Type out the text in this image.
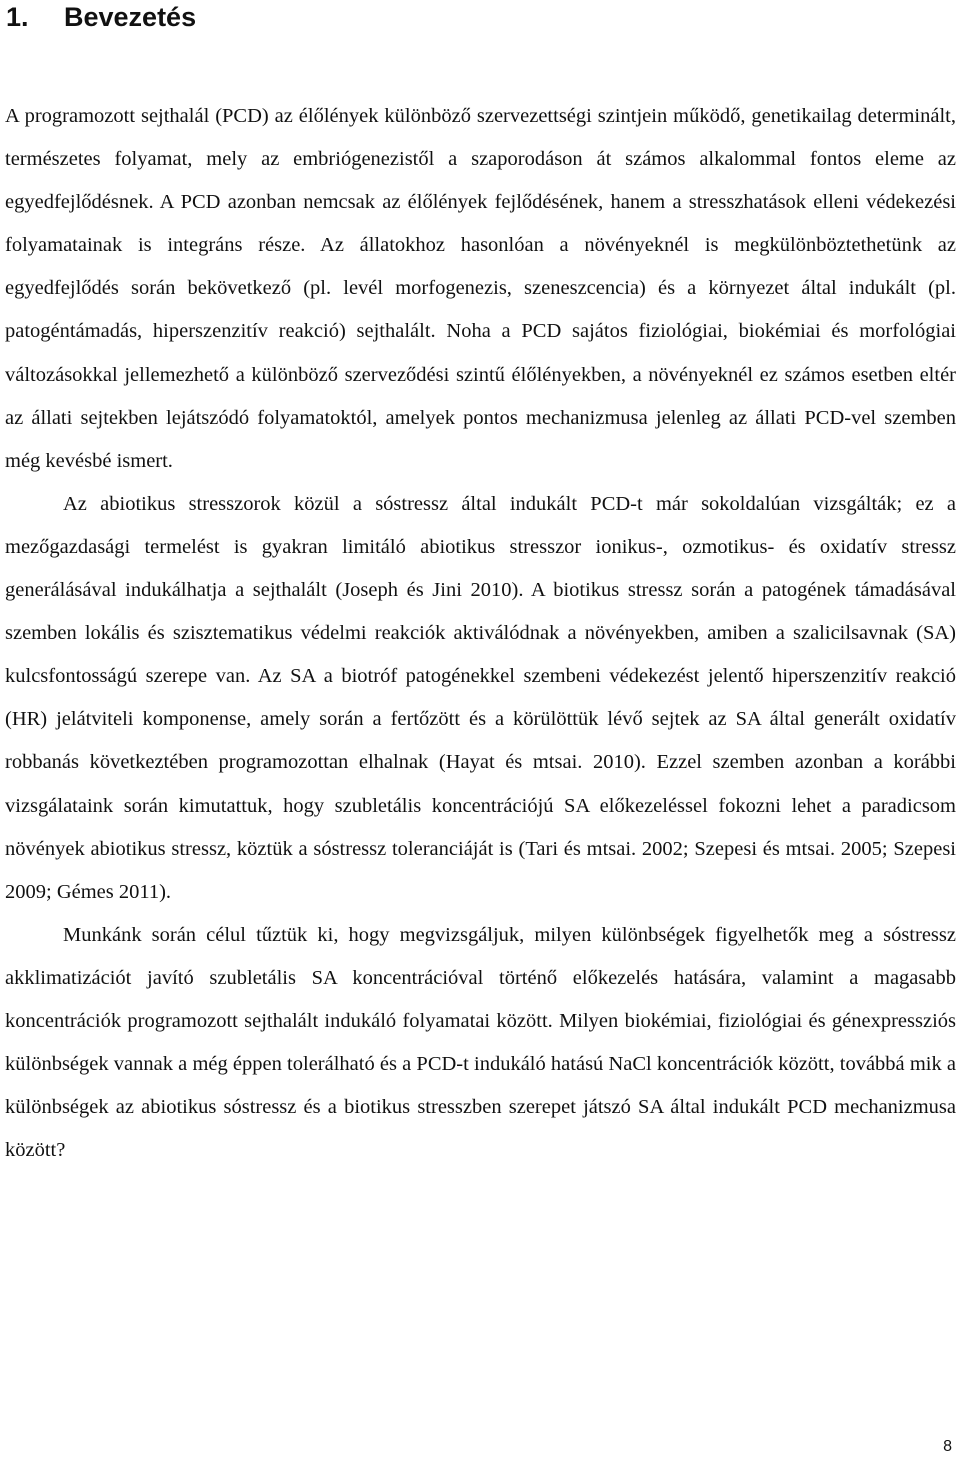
1. Bevezetés

A programozott sejthalál (PCD) az élőlények különböző szervezettségi szintjein működő, genetikailag determinált, természetes folyamat, mely az embriógenezistől a szaporodáson át számos alkalommal fontos eleme az egyedfejlődésnek. A PCD azonban nemcsak az élőlények fejlődésének, hanem a stresszhatások elleni védekezési folyamatainak is integráns része. Az állatokhoz hasonlóan a növényeknél is megkülönböztethetünk az egyedfejlődés során bekövetkező (pl. levél morfogenezis, szeneszcencia) és a környezet által indukált (pl. patogéntámadás, hiperszenzitív reakció) sejthalált. Noha a PCD sajátos fiziológiai, biokémiai és morfológiai változásokkal jellemezhető a különböző szerveződési szintű élőlényekben, a növényeknél ez számos esetben eltér az állati sejtekben lejátszódó folyamatoktól, amelyek pontos mechanizmusa jelenleg az állati PCD-vel szemben még kevésbé ismert.

Az abiotikus stresszorok közül a sóstressz által indukált PCD-t már sokoldalúan vizsgálták; ez a mezőgazdasági termelést is gyakran limitáló abiotikus stresszor ionikus-, ozmotikus- és oxidatív stressz generálásával indukálhatja a sejthalált (Joseph és Jini 2010). A biotikus stressz során a patogének támadásával szemben lokális és szisztematikus védelmi reakciók aktiválódnak a növényekben, amiben a szalicilsavnak (SA) kulcsfontosságú szerepe van. Az SA a biotróf patogénekkel szembeni védekezést jelentő hiperszenzitív reakció (HR) jelátviteli komponense, amely során a fertőzött és a körülöttük lévő sejtek az SA által generált oxidatív robbanás következtében programozottan elhalnak (Hayat és mtsai. 2010). Ezzel szemben azonban a korábbi vizsgálataink során kimutattuk, hogy szubletális koncentrációjú SA előkezeléssel fokozni lehet a paradicsom növények abiotikus stressz, köztük a sóstressz toleranciáját is (Tari és mtsai. 2002; Szepesi és mtsai. 2005; Szepesi 2009; Gémes 2011).

Munkánk során célul tűztük ki, hogy megvizsgáljuk, milyen különbségek figyelhetők meg a sóstressz akklimatizációt javító szubletális SA koncentrációval történő előkezelés hatására, valamint a magasabb koncentrációk programozott sejthalált indukáló folyamatai között. Milyen biokémiai, fiziológiai és génexpressziós különbségek vannak a még éppen tolerálható és a PCD-t indukáló hatású NaCl koncentrációk között, továbbá mik a különbségek az abiotikus sóstressz és a biotikus stresszben szerepet játszó SA által indukált PCD mechanizmusa között?

8
